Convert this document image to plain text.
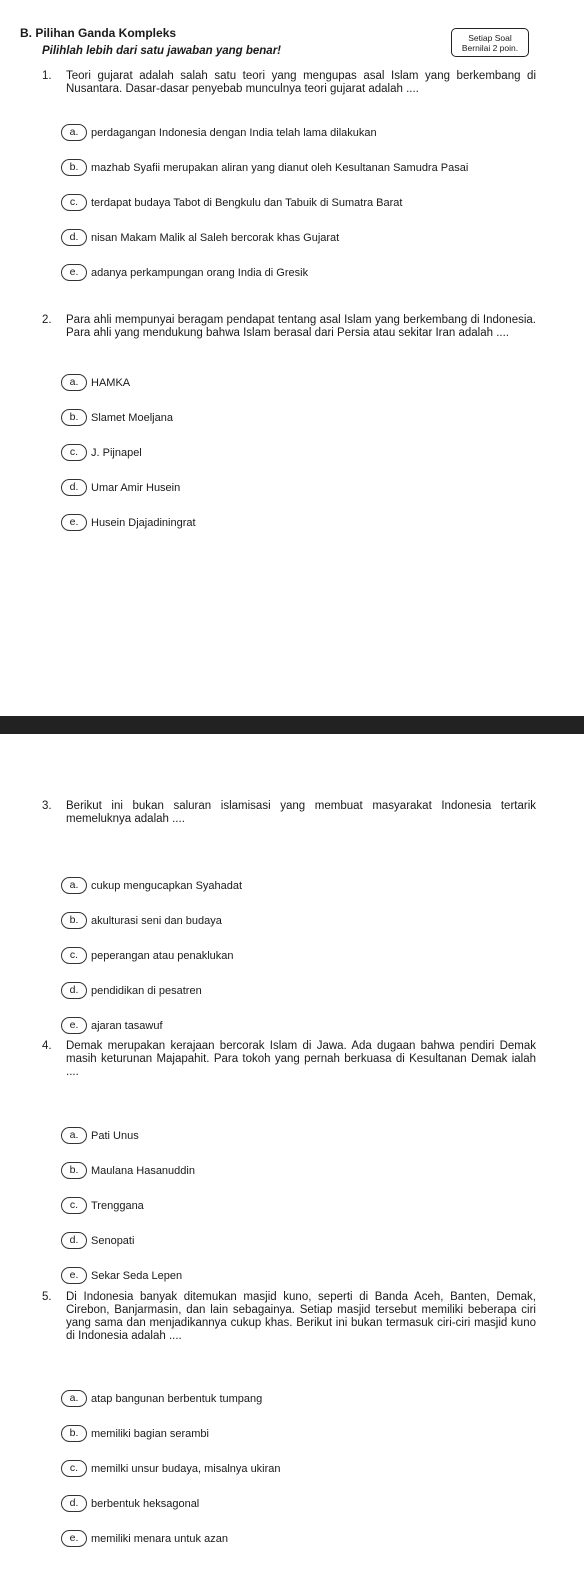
B. Pilihan Ganda Kompleks	Setiap Soal
Bernilai 2 poin.
Pilihlah lebih dari satu jawaban yang benar!
1. Teori gujarat adalah salah satu teori yang mengupas asal Islam yang berkembang di Nusantara. Dasar-dasar penyebab munculnya teori gujarat adalah ....
a. perdagangan Indonesia dengan India telah lama dilakukan
b. mazhab Syafii merupakan aliran yang dianut oleh Kesultanan Samudra Pasai
c. terdapat budaya Tabot di Bengkulu dan Tabuik di Sumatra Barat
d. nisan Makam Malik al Saleh bercorak khas Gujarat
e. adanya perkampungan orang India di Gresik
2. Para ahli mempunyai beragam pendapat tentang asal Islam yang berkembang di Indonesia. Para ahli yang mendukung bahwa Islam berasal dari Persia atau sekitar Iran adalah ....
a. HAMKA
b. Slamet Moeljana
c. J. Pijnapel
d. Umar Amir Husein
e. Husein Djajadiningrat
3. Berikut ini bukan saluran islamisasi yang membuat masyarakat Indonesia tertarik memeluknya adalah ....
a. cukup mengucapkan Syahadat
b. akulturasi seni dan budaya
c. peperangan atau penaklukan
d. pendidikan di pesatren
e. ajaran tasawuf
4. Demak merupakan kerajaan bercorak Islam di Jawa. Ada dugaan bahwa pendiri Demak masih keturunan Majapahit. Para tokoh yang pernah berkuasa di Kesultanan Demak ialah ....
a. Pati Unus
b. Maulana Hasanuddin
c. Trenggana
d. Senopati
e. Sekar Seda Lepen
5. Di Indonesia banyak ditemukan masjid kuno, seperti di Banda Aceh, Banten, Demak, Cirebon, Banjarmasin, dan lain sebagainya. Setiap masjid tersebut memiliki beberapa ciri yang sama dan menjadikannya cukup khas. Berikut ini bukan termasuk ciri-ciri masjid kuno di Indonesia adalah ....
a. atap bangunan berbentuk tumpang
b. memiliki bagian serambi
c. memilki unsur budaya, misalnya ukiran
d. berbentuk heksagonal
e. memiliki menara untuk azan
